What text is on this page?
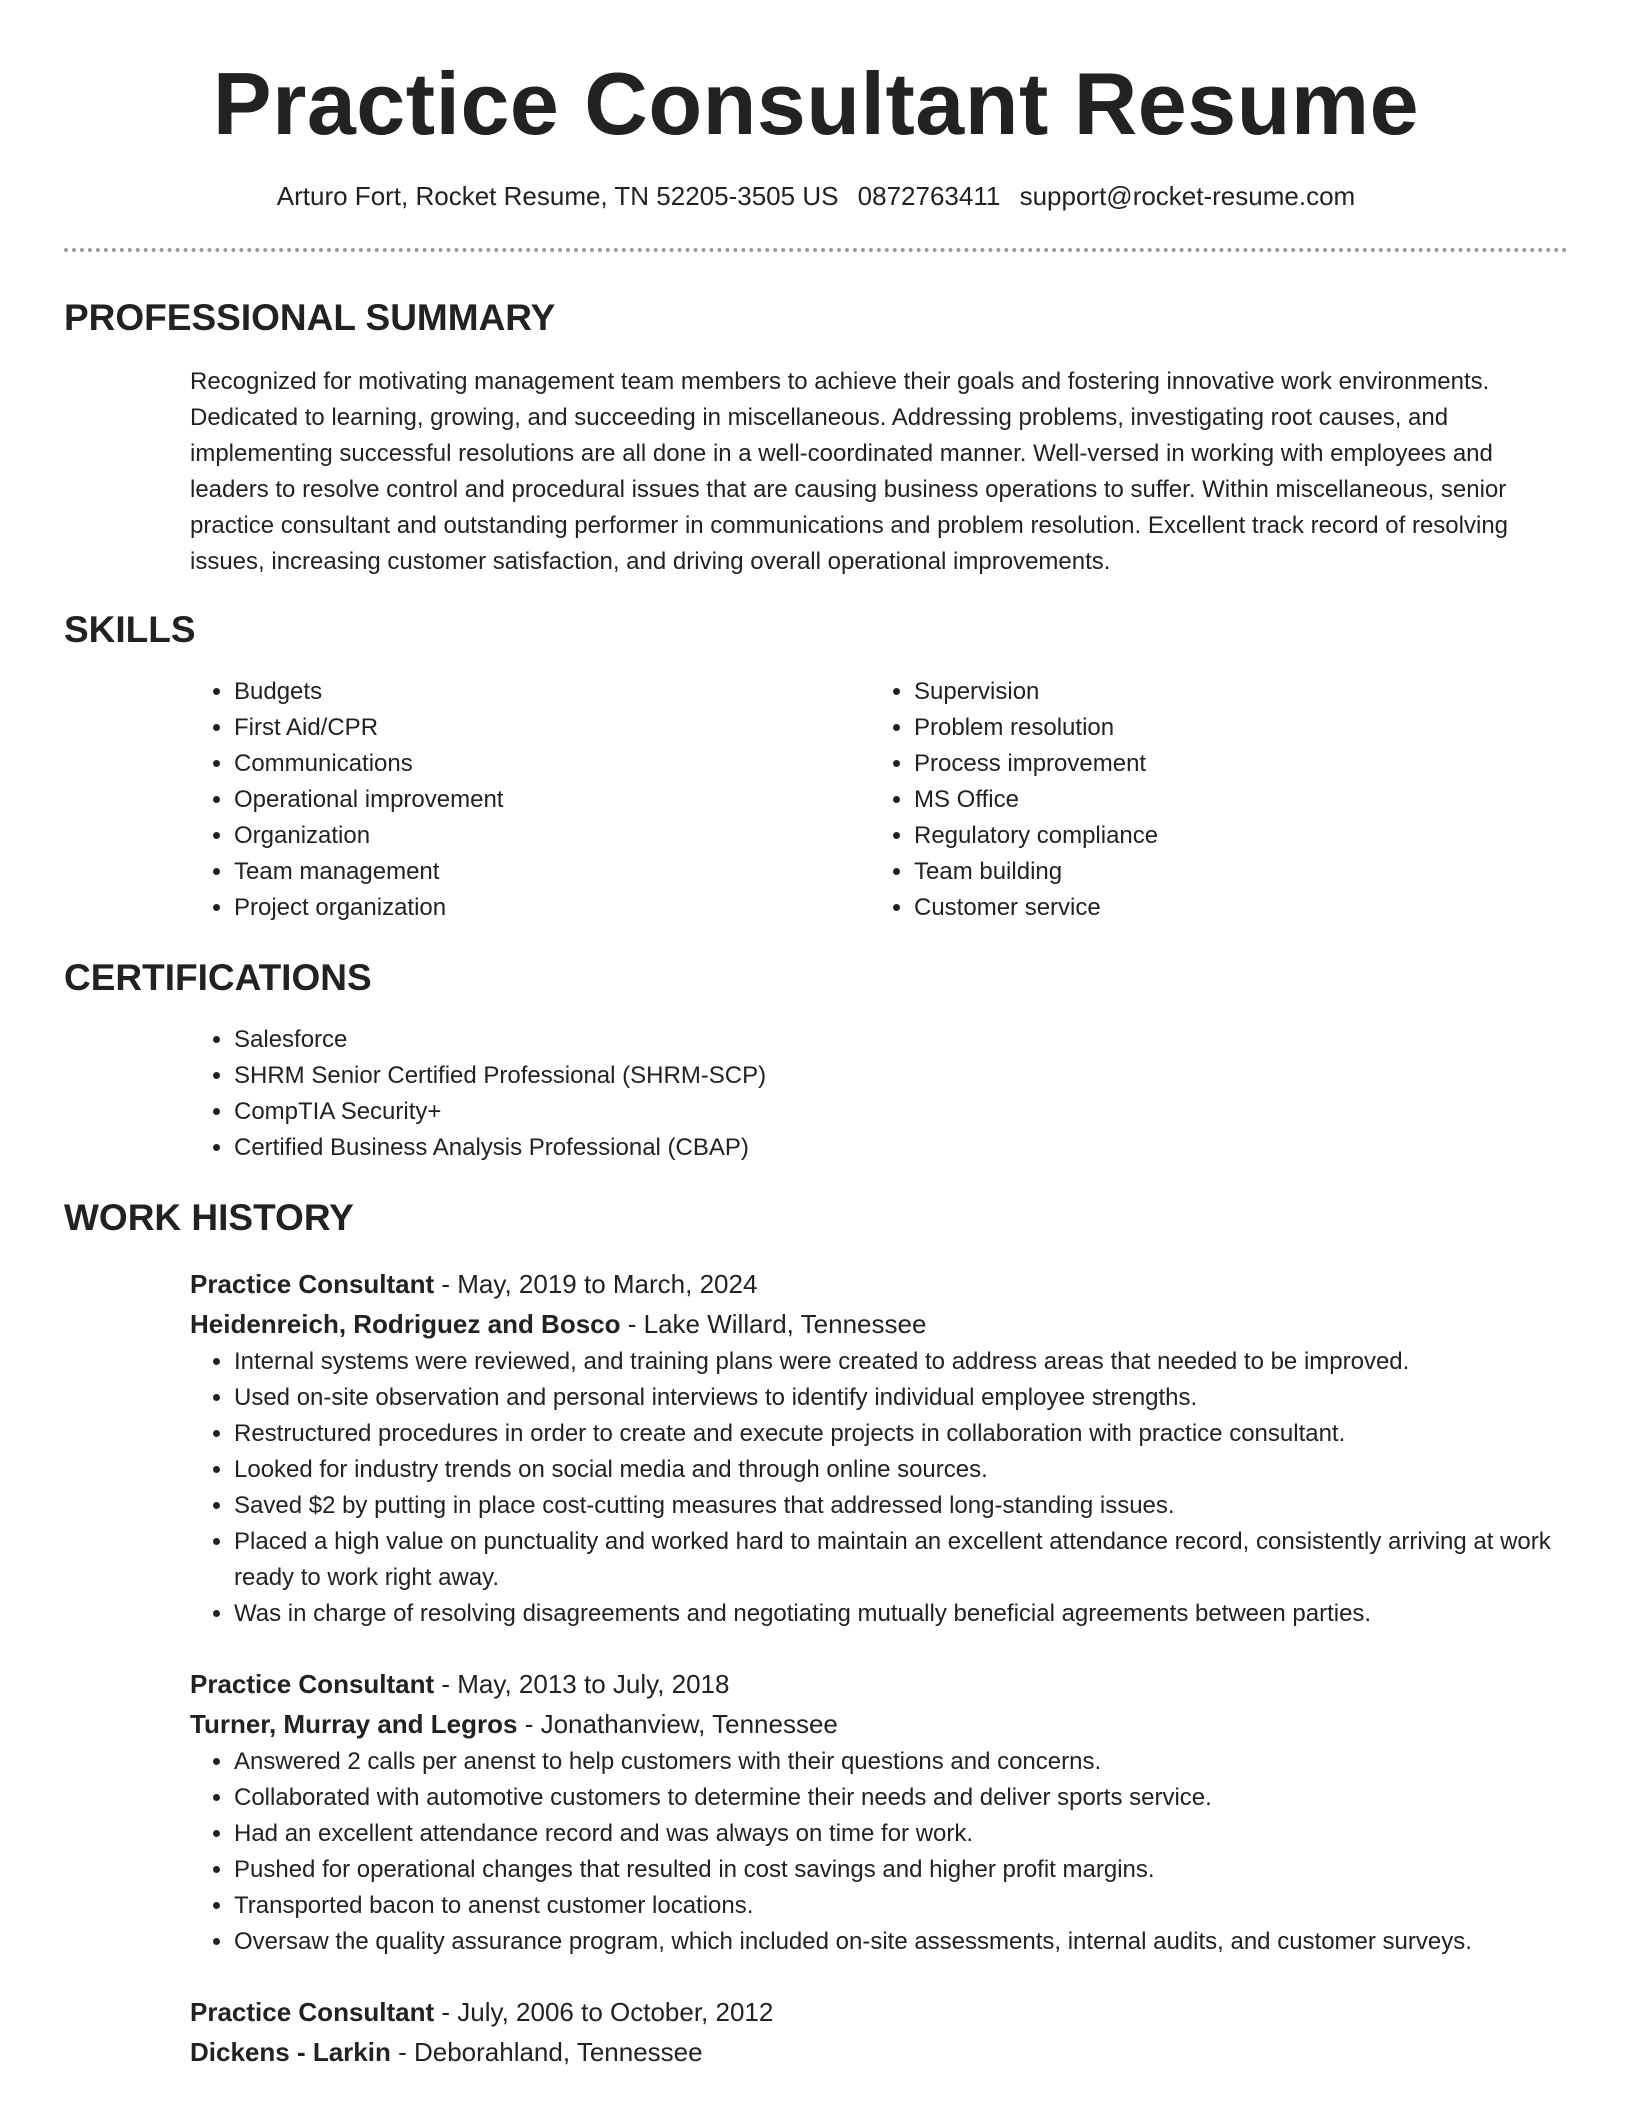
Practice Consultant Resume
Arturo Fort, Rocket Resume, TN 52205-3505 US 0872763411 support@rocket-resume.com
PROFESSIONAL SUMMARY

Recognized for motivating management team members to achieve their goals and fostering innovative work environments. Dedicated to learning, growing, and succeeding in miscellaneous. Addressing problems, investigating root causes, and implementing successful resolutions are all done in a well-coordinated manner. Well-versed in working with employees and leaders to resolve control and procedural issues that are causing business operations to suffer. Within miscellaneous, senior practice consultant and outstanding performer in communications and problem resolution. Excellent track record of resolving issues, increasing customer satisfaction, and driving overall operational improvements.

SKILLS
• Budgets
• First Aid/CPR
• Communications
• Operational improvement
• Organization
• Team management
• Project organization
• Supervision
• Problem resolution
• Process improvement
• MS Office
• Regulatory compliance
• Team building
• Customer service
CERTIFICATIONS
• Salesforce
• SHRM Senior Certified Professional (SHRM-SCP)
• CompTIA Security+
• Certified Business Analysis Professional (CBAP)
WORK HISTORY
Practice Consultant - May, 2019 to March, 2024
Heidenreich, Rodriguez and Bosco - Lake Willard, Tennessee
• Internal systems were reviewed, and training plans were created to address areas that needed to be improved.
• Used on-site observation and personal interviews to identify individual employee strengths.
• Restructured procedures in order to create and execute projects in collaboration with practice consultant.
• Looked for industry trends on social media and through online sources.
• Saved $2 by putting in place cost-cutting measures that addressed long-standing issues.
• Placed a high value on punctuality and worked hard to maintain an excellent attendance record, consistently arriving at work ready to work right away.
• Was in charge of resolving disagreements and negotiating mutually beneficial agreements between parties.
Practice Consultant - May, 2013 to July, 2018
Turner, Murray and Legros - Jonathanview, Tennessee
• Answered 2 calls per anenst to help customers with their questions and concerns.
• Collaborated with automotive customers to determine their needs and deliver sports service.
• Had an excellent attendance record and was always on time for work.
• Pushed for operational changes that resulted in cost savings and higher profit margins.
• Transported bacon to anenst customer locations.
• Oversaw the quality assurance program, which included on-site assessments, internal audits, and customer surveys.
Practice Consultant - July, 2006 to October, 2012
Dickens - Larkin - Deborahland, Tennessee
